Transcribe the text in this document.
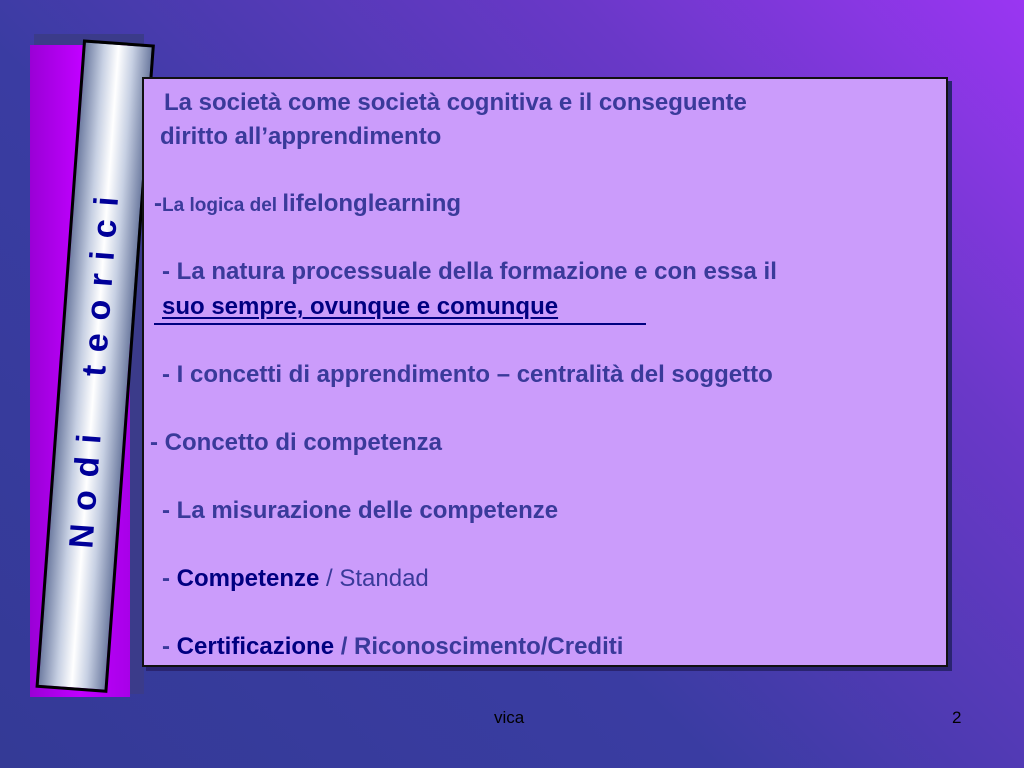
Nodi  teorici
La società come società cognitiva e il conseguente
diritto all’apprendimento
-La logica del lifelonglearning
- La natura processuale della formazione e con essa il
suo sempre, ovunque e comunque
- I concetti di apprendimento – centralità del soggetto
- Concetto di competenza
- La misurazione delle competenze
- Competenze / Standad
- Certificazione / Riconoscimento/Crediti
vica	2
